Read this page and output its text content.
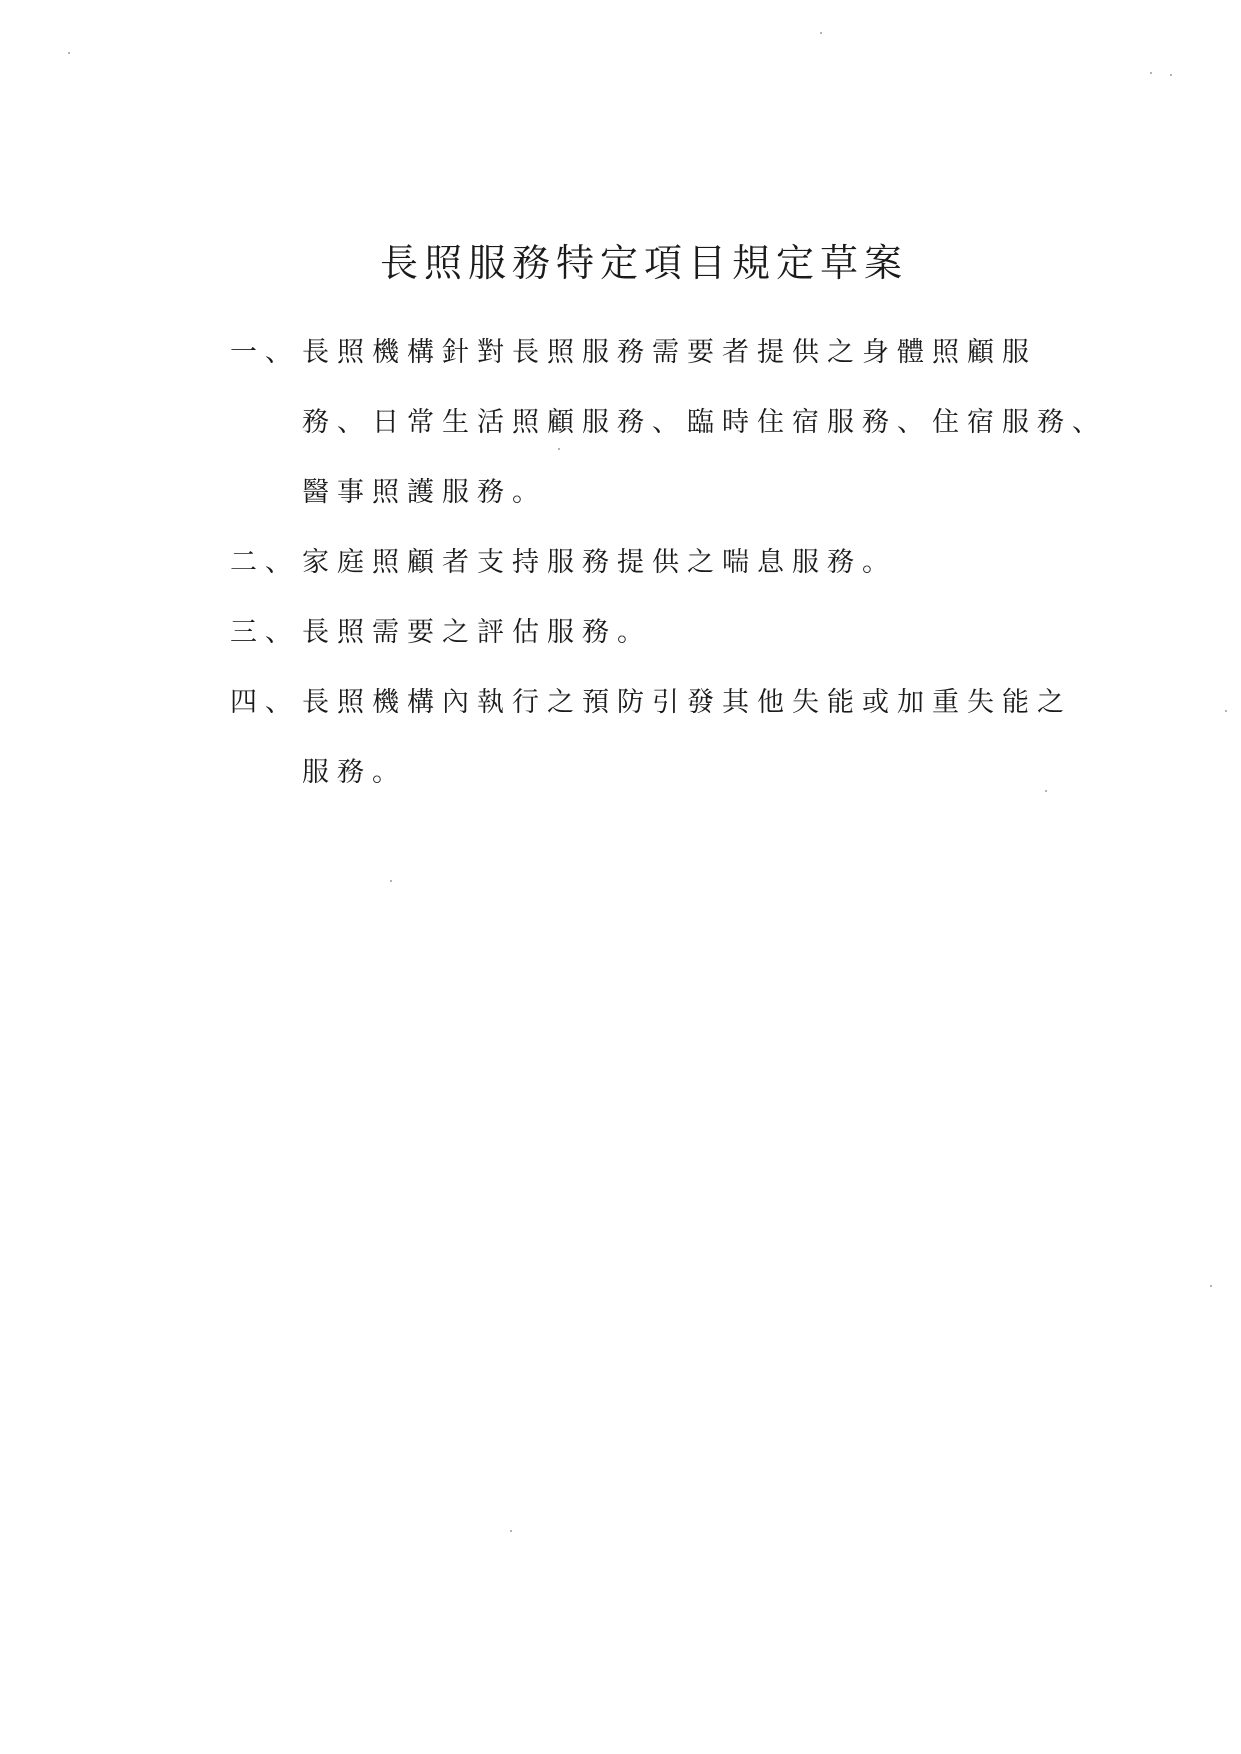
長照服務特定項目規定草案
一、 長照機構針對長照服務需要者提供之身體照顧服
務、日常生活照顧服務、臨時住宿服務、住宿服務、
醫事照護服務。
二、 家庭照顧者支持服務提供之喘息服務。
三、 長照需要之評估服務。
四、 長照機構內執行之預防引發其他失能或加重失能之
服務。
